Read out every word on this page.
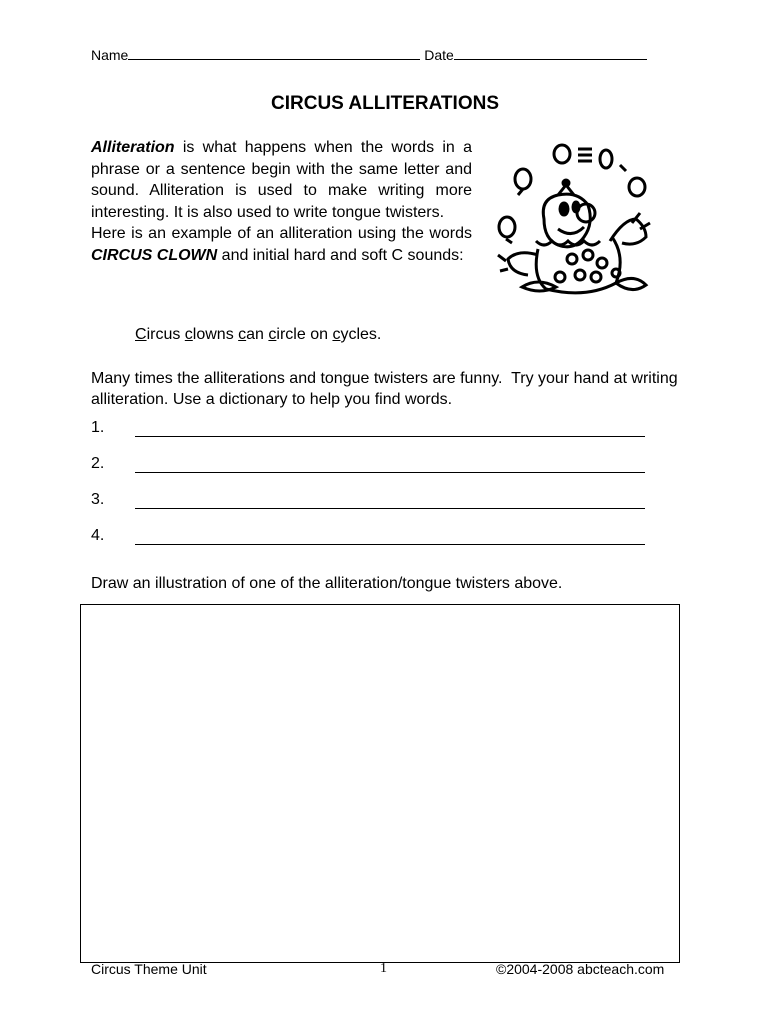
Name	Date
CIRCUS ALLITERATIONS

Alliteration is what happens when the words in a phrase or a sentence begin with the same letter and sound. Alliteration is used to make writing more interesting. It is also used to write tongue twisters.

Here is an example of an alliteration using the words CIRCUS CLOWN and initial hard and soft C sounds:

Circus clowns can circle on cycles.
Many times the alliterations and tongue twisters are funny.  Try your hand at writing alliteration. Use a dictionary to help you find words.
1.
2.
3.
4.
Draw an illustration of one of the alliteration/tongue twisters above.
Circus Theme Unit	1	©2004-2008 abcteach.com
